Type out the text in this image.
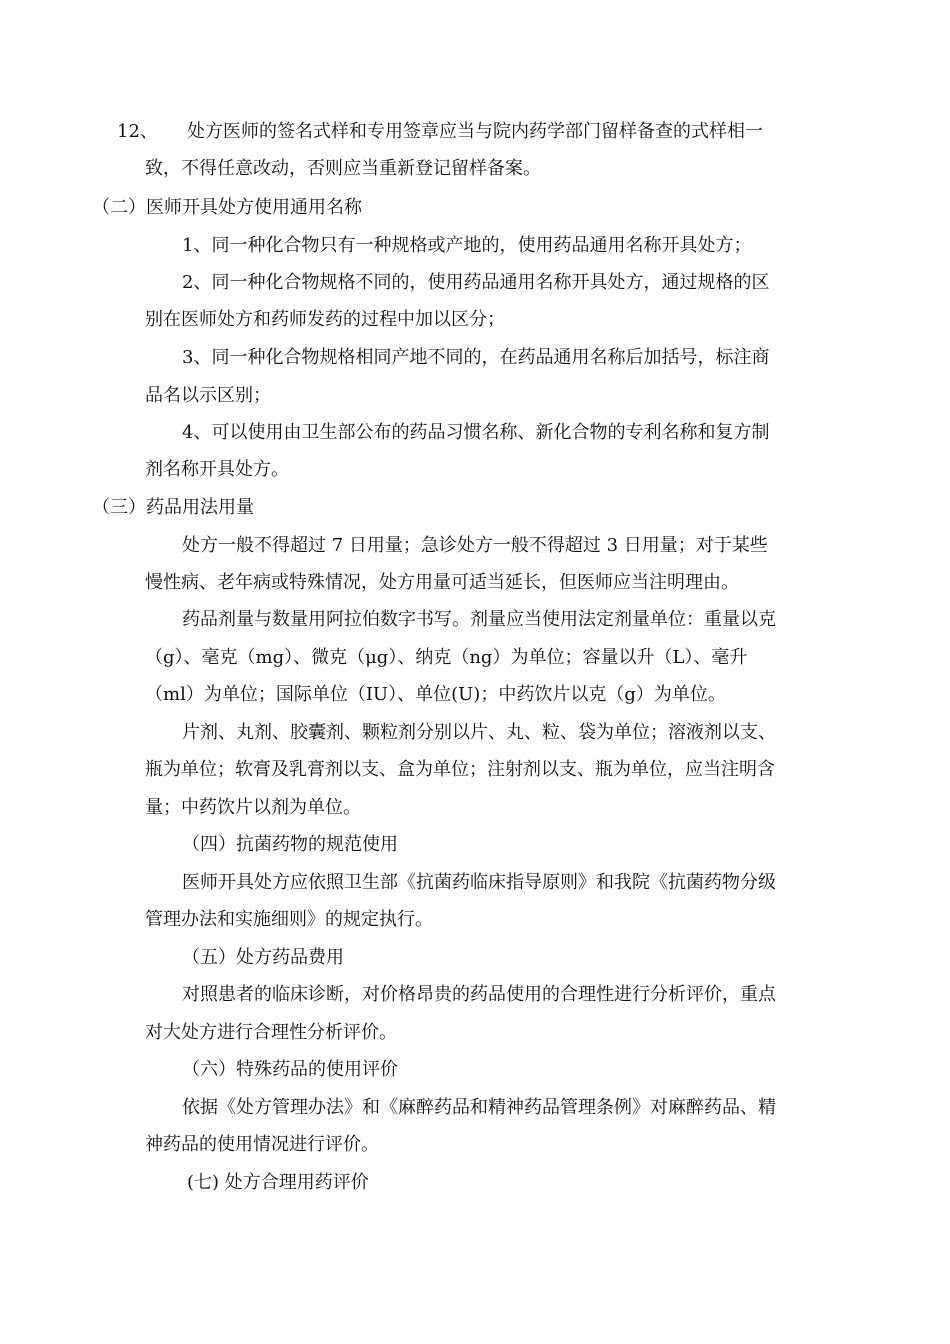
12、 处方医师的签名式样和专用签章应当与院内药学部门留样备查的式样相一
致，不得任意改动，否则应当重新登记留样备案。
（二）医师开具处方使用通用名称
1、同一种化合物只有一种规格或产地的，使用药品通用名称开具处方；
2、同一种化合物规格不同的，使用药品通用名称开具处方，通过规格的区
别在医师处方和药师发药的过程中加以区分；
3、同一种化合物规格相同产地不同的，在药品通用名称后加括号，标注商
品名以示区别；
4、可以使用由卫生部公布的药品习惯名称、新化合物的专利名称和复方制
剂名称开具处方。
（三）药品用法用量
处方一般不得超过 7 日用量；急诊处方一般不得超过 3 日用量；对于某些
慢性病、老年病或特殊情况，处方用量可适当延长，但医师应当注明理由。
药品剂量与数量用阿拉伯数字书写。剂量应当使用法定剂量单位：重量以克
（g）、毫克（mg）、微克（μg）、纳克（ng）为单位；容量以升（L）、毫升
（ml）为单位；国际单位（IU）、单位(U)；中药饮片以克（g）为单位。
片剂、丸剂、胶囊剂、颗粒剂分别以片、丸、粒、袋为单位；溶液剂以支、
瓶为单位；软膏及乳膏剂以支、盒为单位；注射剂以支、瓶为单位，应当注明含
量；中药饮片以剂为单位。
（四）抗菌药物的规范使用
医师开具处方应依照卫生部《抗菌药临床指导原则》和我院《抗菌药物分级
管理办法和实施细则》的规定执行。
（五）处方药品费用
对照患者的临床诊断，对价格昂贵的药品使用的合理性进行分析评价，重点
对大处方进行合理性分析评价。
（六）特殊药品的使用评价
依据《处方管理办法》和《麻醉药品和精神药品管理条例》对麻醉药品、精
神药品的使用情况进行评价。
(七) 处方合理用药评价
